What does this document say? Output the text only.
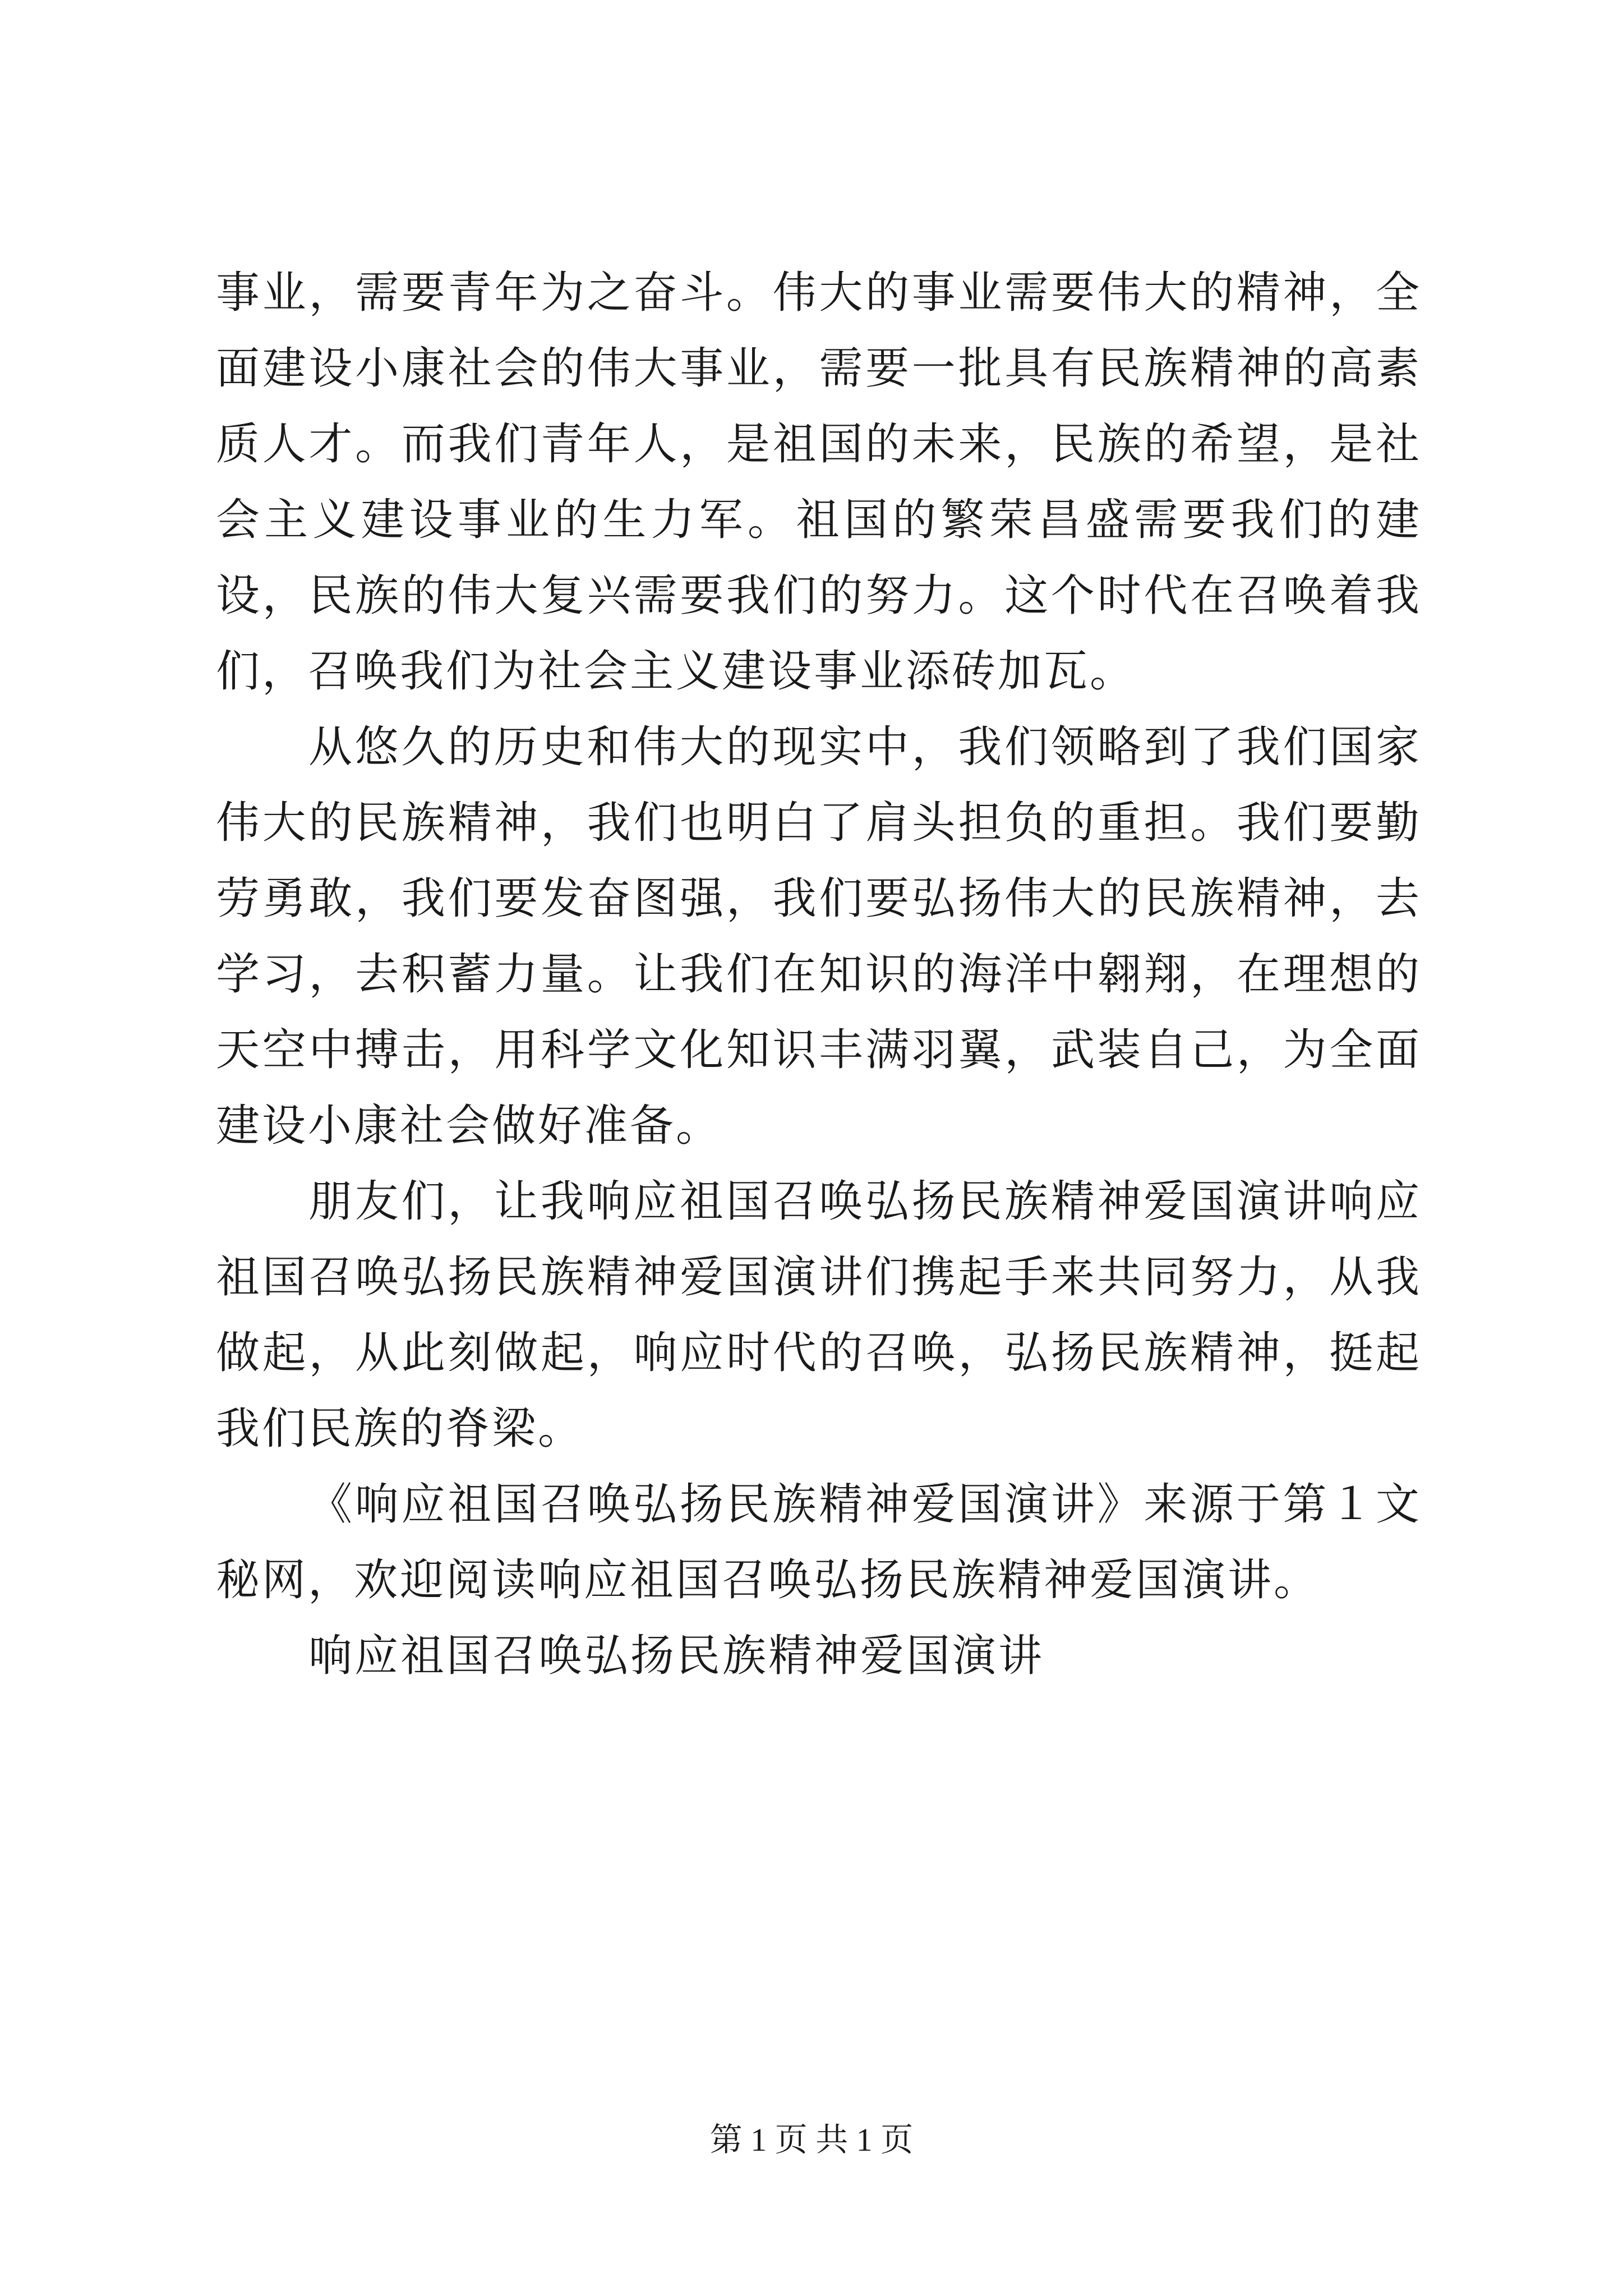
事业，需要青年为之奋斗。伟大的事业需要伟大的精神，全面建设小康社会的伟大事业，需要一批具有民族精神的高素质人才。而我们青年人，是祖国的未来，民族的希望，是社会主义建设事业的生力军。祖国的繁荣昌盛需要我们的建设，民族的伟大复兴需要我们的努力。这个时代在召唤着我们，召唤我们为社会主义建设事业添砖加瓦。

从悠久的历史和伟大的现实中，我们领略到了我们国家伟大的民族精神，我们也明白了肩头担负的重担。我们要勤劳勇敢，我们要发奋图强，我们要弘扬伟大的民族精神，去学习，去积蓄力量。让我们在知识的海洋中翱翔，在理想的天空中搏击，用科学文化知识丰满羽翼，武装自己，为全面建设小康社会做好准备。

朋友们，让我响应祖国召唤弘扬民族精神爱国演讲响应祖国召唤弘扬民族精神爱国演讲们携起手来共同努力，从我做起，从此刻做起，响应时代的召唤，弘扬民族精神，挺起我们民族的脊梁。

《响应祖国召唤弘扬民族精神爱国演讲》来源于第１文秘网，欢迎阅读响应祖国召唤弘扬民族精神爱国演讲。

响应祖国召唤弘扬民族精神爱国演讲

第 1 页 共 1 页
